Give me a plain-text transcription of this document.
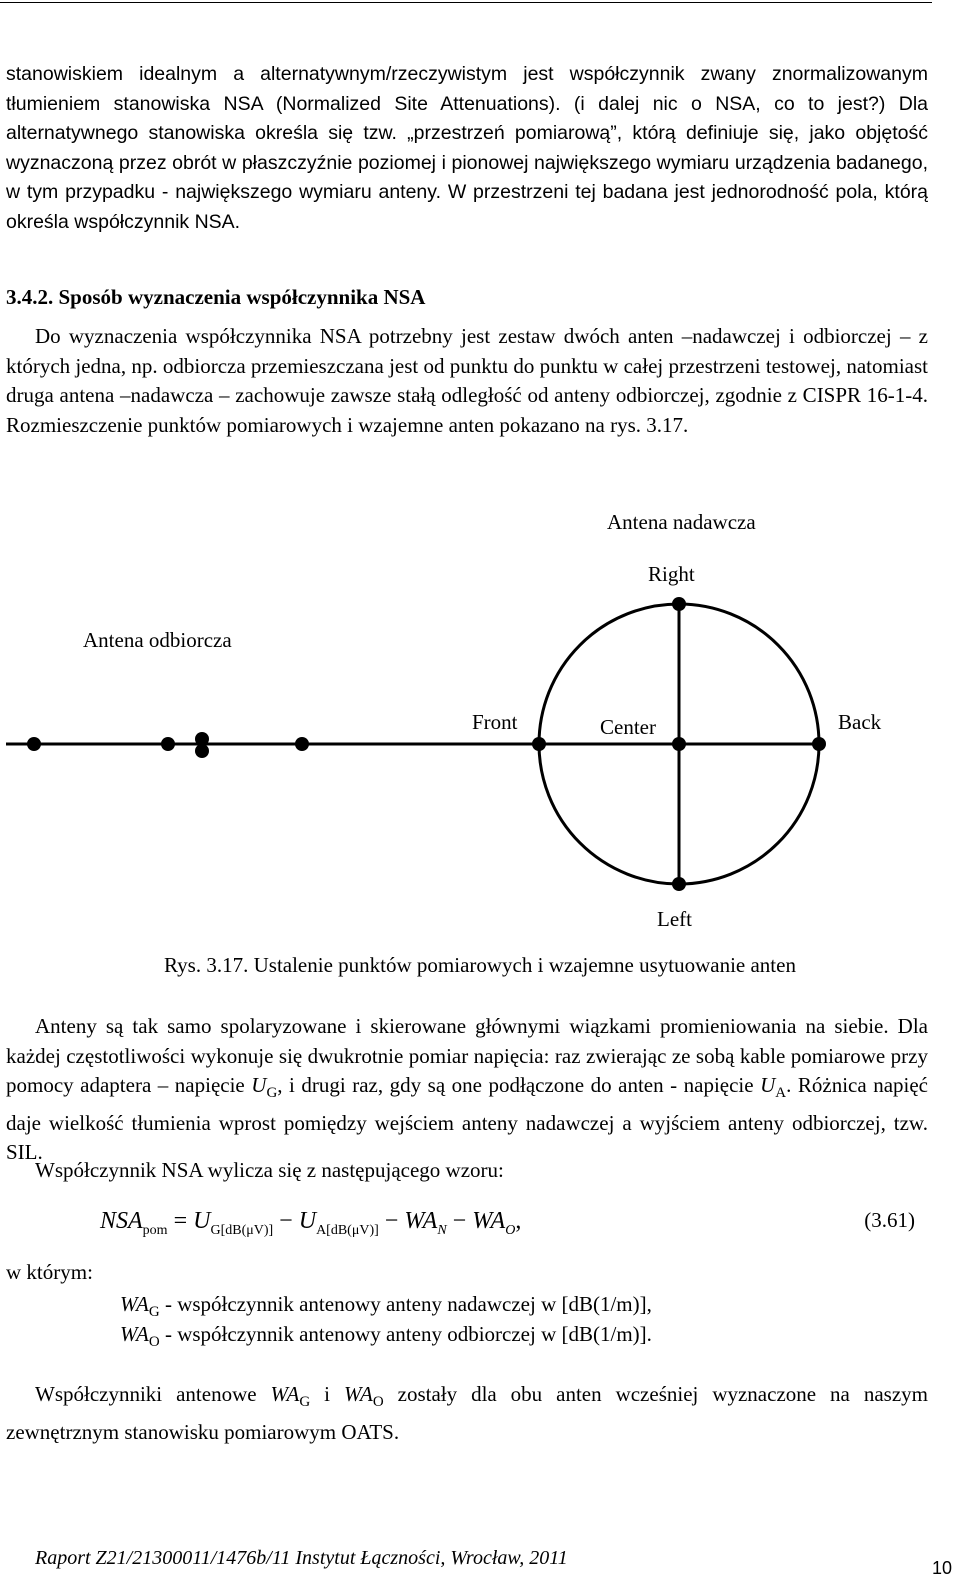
stanowiskiem idealnym a alternatywnym/rzeczywistym jest współczynnik zwany znormalizowanym tłumieniem stanowiska NSA (Normalized Site Attenuations). (i dalej nic o NSA, co to jest?) Dla alternatywnego stanowiska określa się tzw. „przestrzeń pomiarową”, którą definiuje się, jako objętość wyznaczoną przez obrót w płaszczyźnie poziomej i pionowej największego wymiaru urządzenia badanego, w tym przypadku - największego wymiaru anteny. W przestrzeni tej badana jest jednorodność pola, którą określa współczynnik NSA.

3.4.2. Sposób wyznaczenia współczynnika NSA

Do wyznaczenia współczynnika NSA potrzebny jest zestaw dwóch anten –nadawczej i odbiorczej – z których jedna, np. odbiorcza przemieszczana jest od punktu do punktu w całej przestrzeni testowej, natomiast druga antena –nadawcza – zachowuje zawsze stałą odległość od anteny odbiorczej, zgodnie z CISPR 16-1-4. Rozmieszczenie punktów pomiarowych i wzajemne anten pokazano na rys. 3.17.

Antena nadawcza
Antena odbiorcza
Right
Front	Center	Back
Left
Rys. 3.17. Ustalenie punktów pomiarowych i wzajemne usytuowanie anten

Anteny są tak samo spolaryzowane i skierowane głównymi wiązkami promieniowania na siebie. Dla każdej częstotliwości wykonuje się dwukrotnie pomiar napięcia: raz zwierając ze sobą kable pomiarowe przy pomocy adaptera – napięcie $U_G$, i drugi raz, gdy są one podłączone do anten - napięcie $U_A$. Różnica napięć daje wielkość tłumienia wprost pomiędzy wejściem anteny nadawczej a wyjściem anteny odbiorczej, tzw. SIL.

Współczynnik NSA wylicza się z następującego wzoru:

$NSA_{pom} = U_{G[dB(\mu V)]} - U_{A[dB(\mu V)]} - WA_N - WA_O$,	(3.61)
w którym:
$WA_G$ - współczynnik antenowy anteny nadawczej w [dB(1/m)],
$WA_O$ - współczynnik antenowy anteny odbiorczej w [dB(1/m)].

Współczynniki antenowe $WA_G$ i $WA_O$ zostały dla obu anten wcześniej wyznaczone na naszym zewnętrznym stanowisku pomiarowym OATS.

Raport Z21/21300011/1476b/11 Instytut Łączności, Wrocław, 2011	10
